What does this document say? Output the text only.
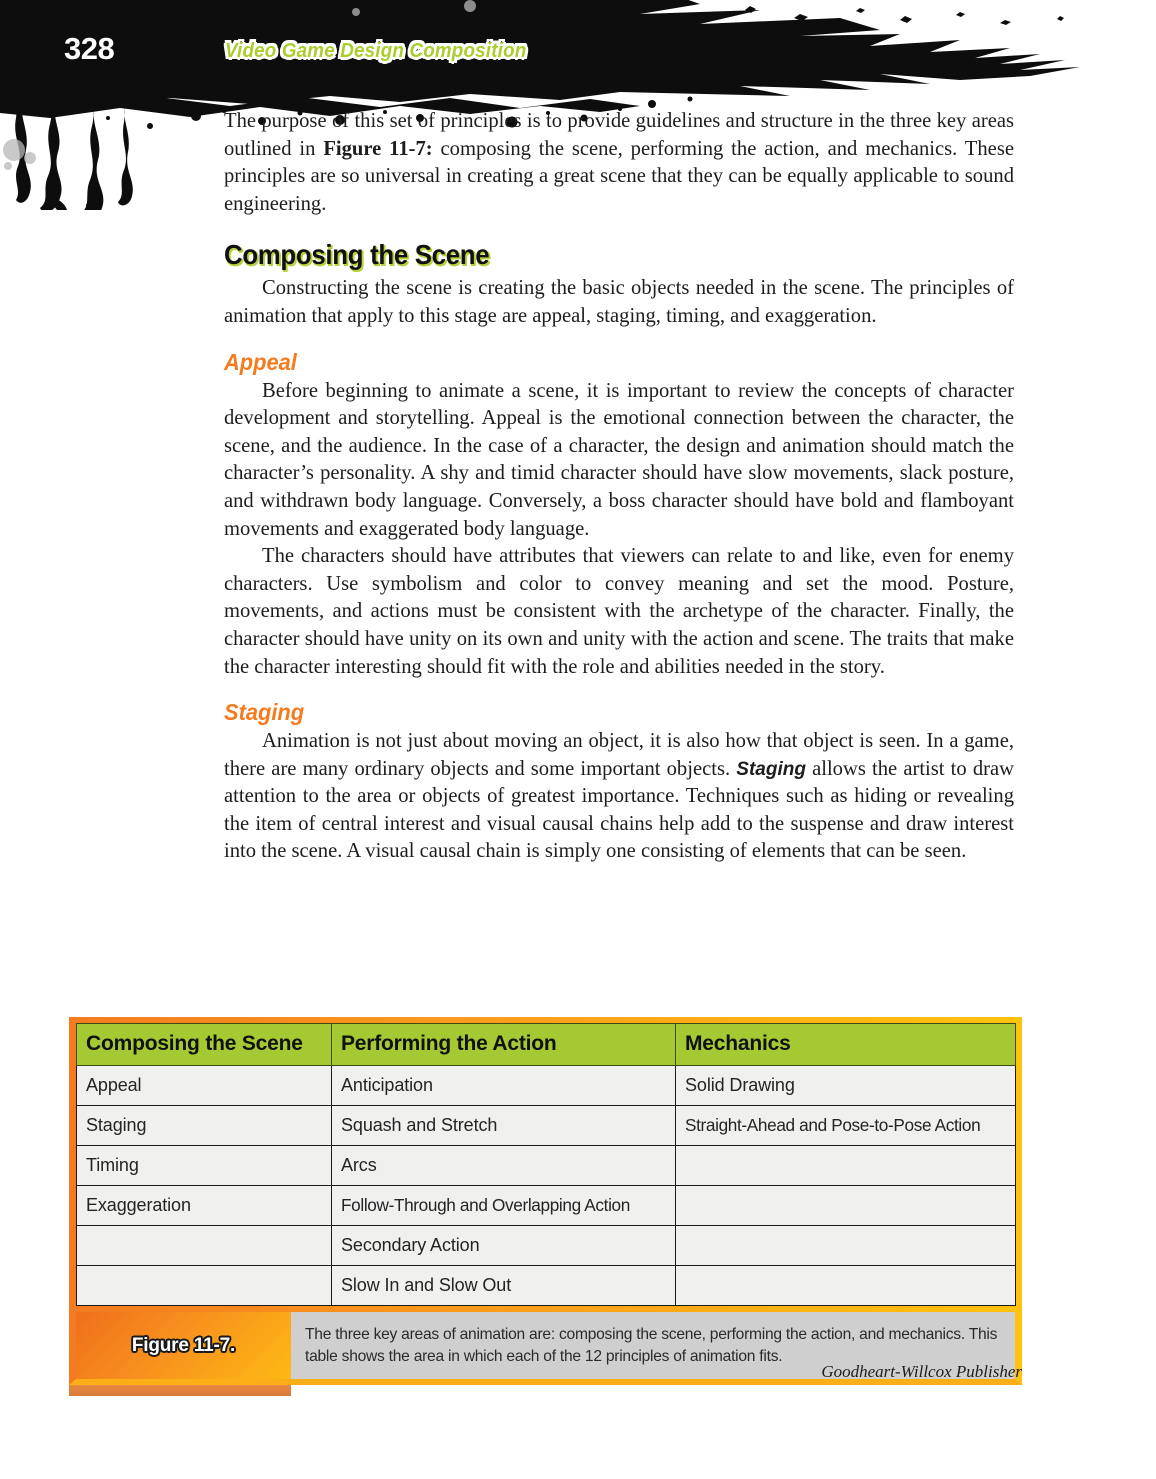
328	Video Game Design Composition

The purpose of this set of principles is to provide guidelines and structure in the three key areas outlined in Figure 11-7: composing the scene, performing the action, and mechanics. These principles are so universal in creating a great scene that they can be equally applicable to sound engineering.

Composing the Scene

Constructing the scene is creating the basic objects needed in the scene. The principles of animation that apply to this stage are appeal, staging, timing, and exaggeration.

Appeal

Before beginning to animate a scene, it is important to review the concepts of character development and storytelling. Appeal is the emotional connection between the character, the scene, and the audience. In the case of a character, the design and animation should match the character’s personality. A shy and timid character should have slow movements, slack posture, and withdrawn body language. Conversely, a boss character should have bold and flamboyant movements and exaggerated body language.

The characters should have attributes that viewers can relate to and like, even for enemy characters. Use symbolism and color to convey meaning and set the mood. Posture, movements, and actions must be consistent with the archetype of the character. Finally, the character should have unity on its own and unity with the action and scene. The traits that make the character interesting should fit with the role and abilities needed in the story.

Staging

Animation is not just about moving an object, it is also how that object is seen. In a game, there are many ordinary objects and some important objects. Staging allows the artist to draw attention to the area or objects of greatest importance. Techniques such as hiding or revealing the item of central interest and visual causal chains help add to the suspense and draw interest into the scene. A visual causal chain is simply one consisting of elements that can be seen.

Composing the Scene	Performing the Action	Mechanics
Appeal	Anticipation	Solid Drawing
Staging	Squash and Stretch	Straight-Ahead and Pose-to-Pose Action
Timing	Arcs	
Exaggeration	Follow-Through and Overlapping Action	
	Secondary Action	
	Slow In and Slow Out	
Figure 11-7.
The three key areas of animation are: composing the scene, performing the action, and mechanics. This table shows the area in which each of the 12 principles of animation fits.
Goodheart-Willcox Publisher
